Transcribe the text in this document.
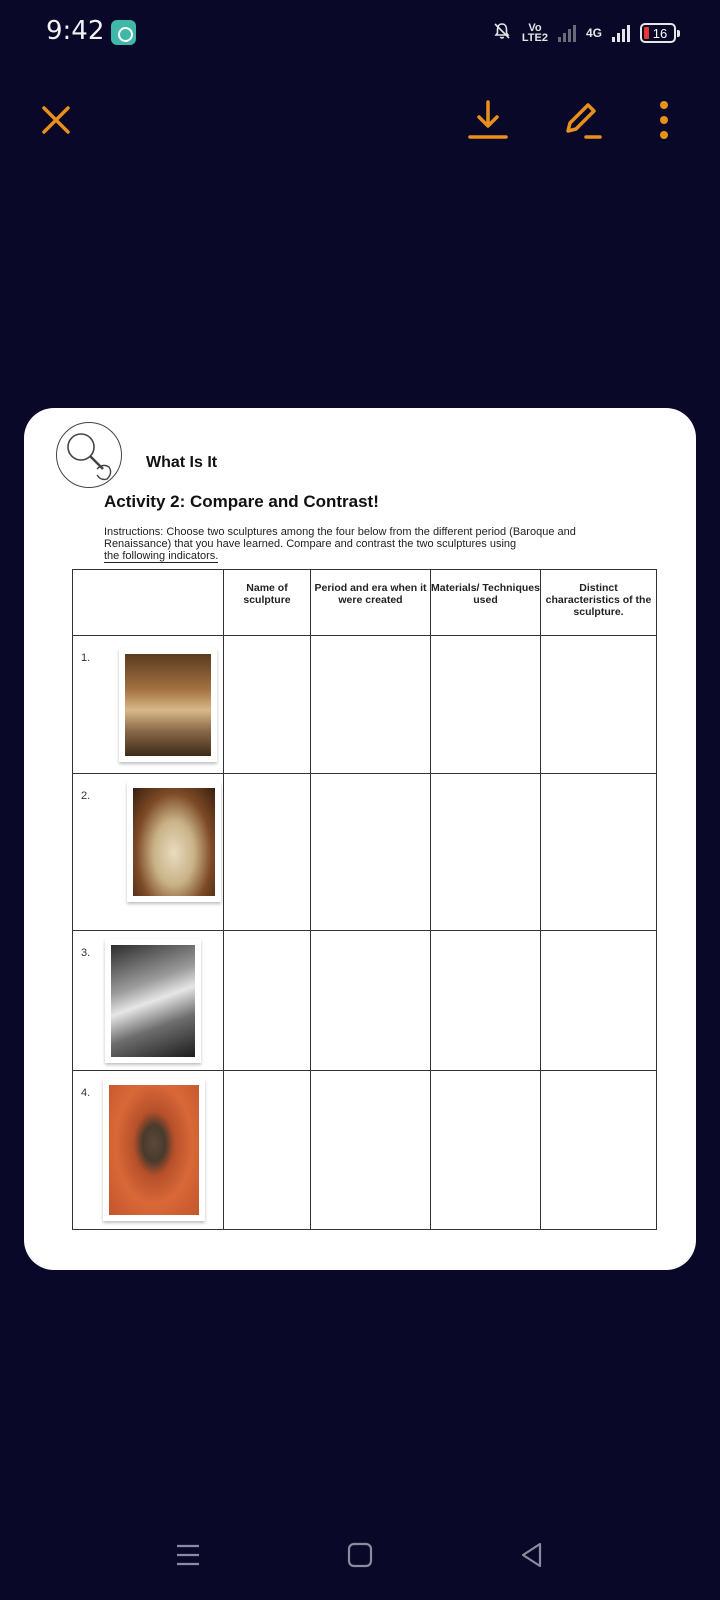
9:42	Vo
LTE2	4G	16
What Is It
Activity 2: Compare and Contrast!
Instructions: Choose two sculptures among the four below from the different period (Baroque and Renaissance) that you have learned. Compare and contrast the two sculptures using
the following indicators.
	Name of sculpture	Period and era when it were created	Materials/ Techniques used	Distinct characteristics of the sculpture.

1.				

2.				

3.				

4.				
